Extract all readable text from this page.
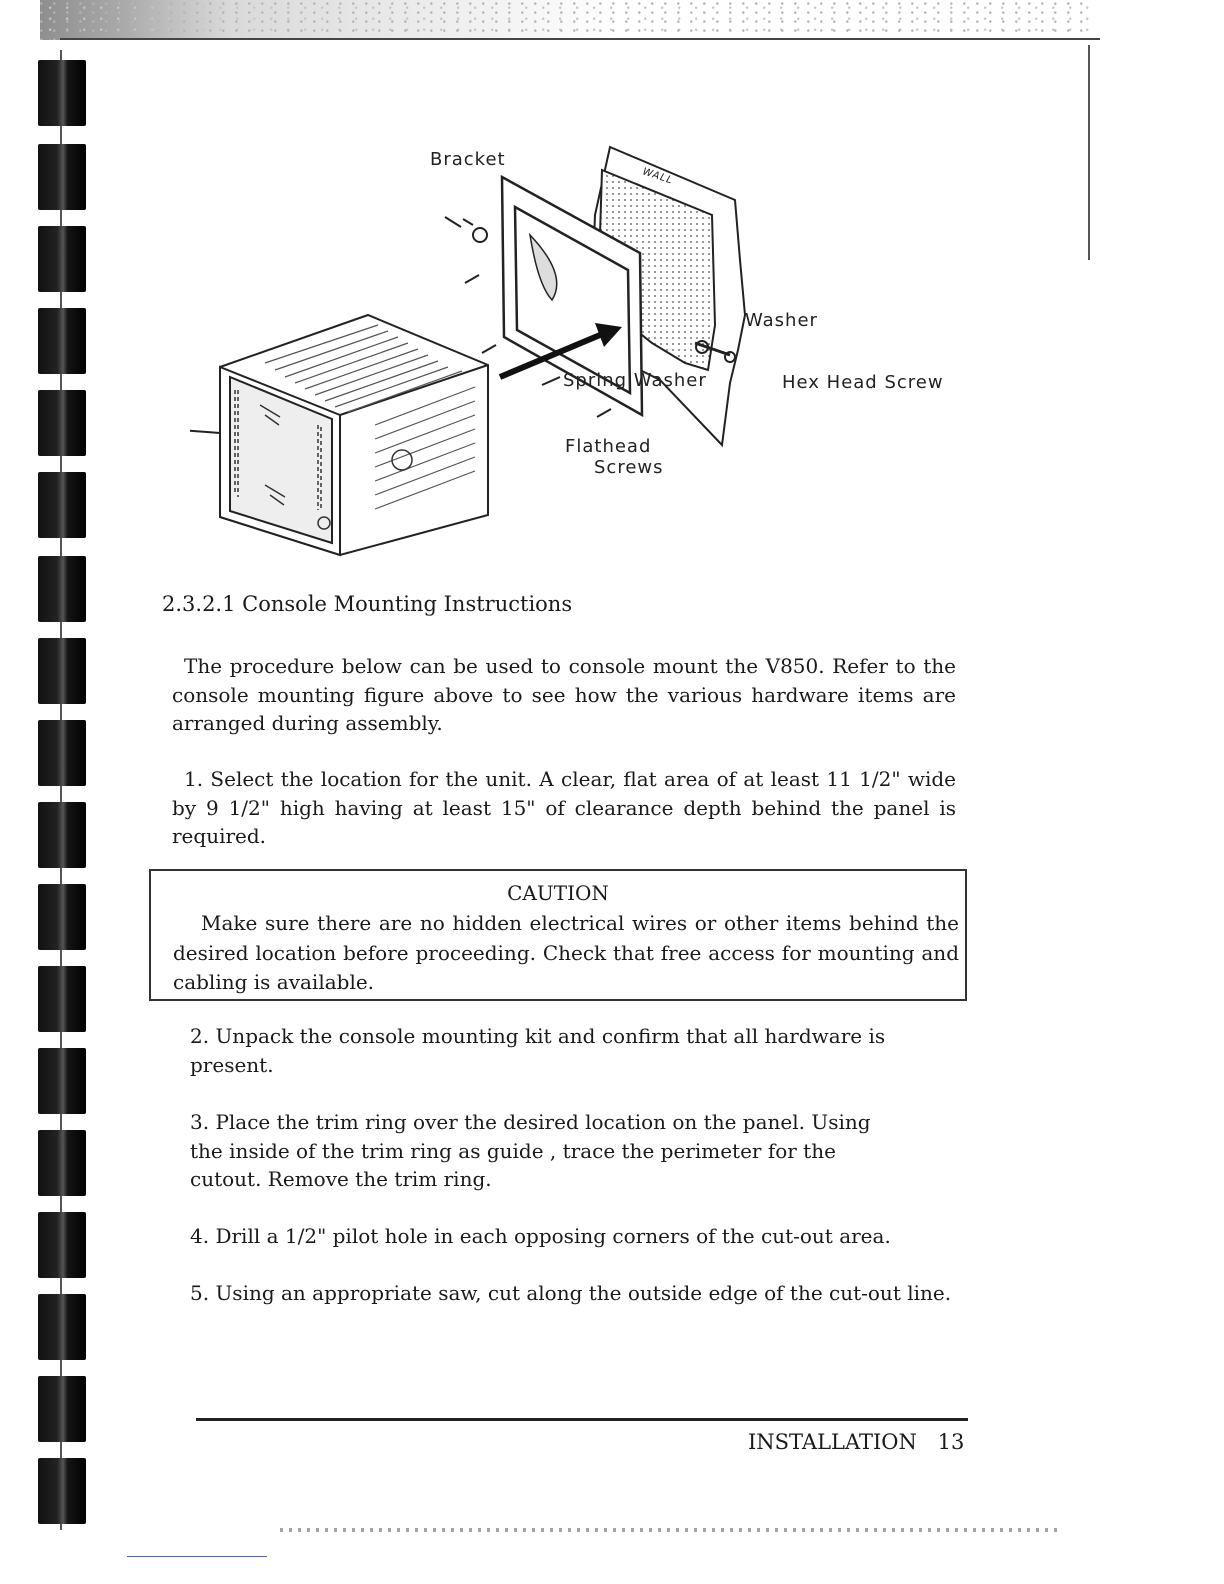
Bracket
WALL
Washer
Spring Washer	Hex Head Screw
Flathead
Screws
2.3.2.1 Console Mounting Instructions
The procedure below can be used to console mount the V850. Refer to the console mounting figure above to see how the various hardware items are arranged during assembly.
1. Select the location for the unit. A clear, flat area of at least 11 1/2" wide by 9 1/2" high having at least 15" of clearance depth behind the panel is required.
CAUTION
Make sure there are no hidden electrical wires or other items behind the desired location before proceeding. Check that free access for mounting and cabling is available.
2. Unpack the console mounting kit and confirm that all hardware is present.
3. Place the trim ring over the desired location on the panel. Using the inside of the trim ring as guide , trace the perimeter for the cutout. Remove the trim ring.
4. Drill a 1/2" pilot hole in each opposing corners of the cut-out area.
5. Using an appropriate saw, cut along the outside edge of the cut-out line.
INSTALLATION 13
